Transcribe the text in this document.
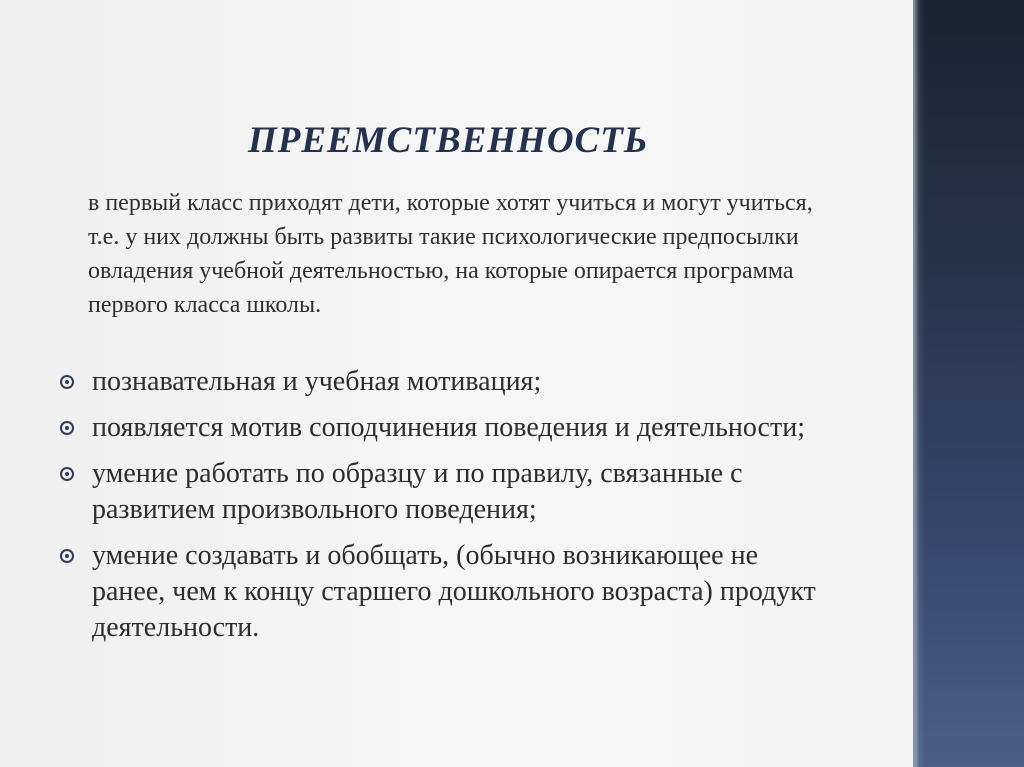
ПРЕЕМСТВЕННОСТЬ
в первый класс приходят дети, которые хотят учиться и могут учиться, т.е. у них должны быть развиты такие психологические предпосылки овладения учебной деятельностью, на которые опирается программа первого класса школы.
познавательная и учебная мотивация;
появляется мотив соподчинения поведения и деятельности;
умение работать по образцу и по правилу, связанные с развитием произвольного поведения;
умение создавать и обобщать, (обычно возникающее не ранее, чем к концу старшего дошкольного возраста) продукт деятельности.
